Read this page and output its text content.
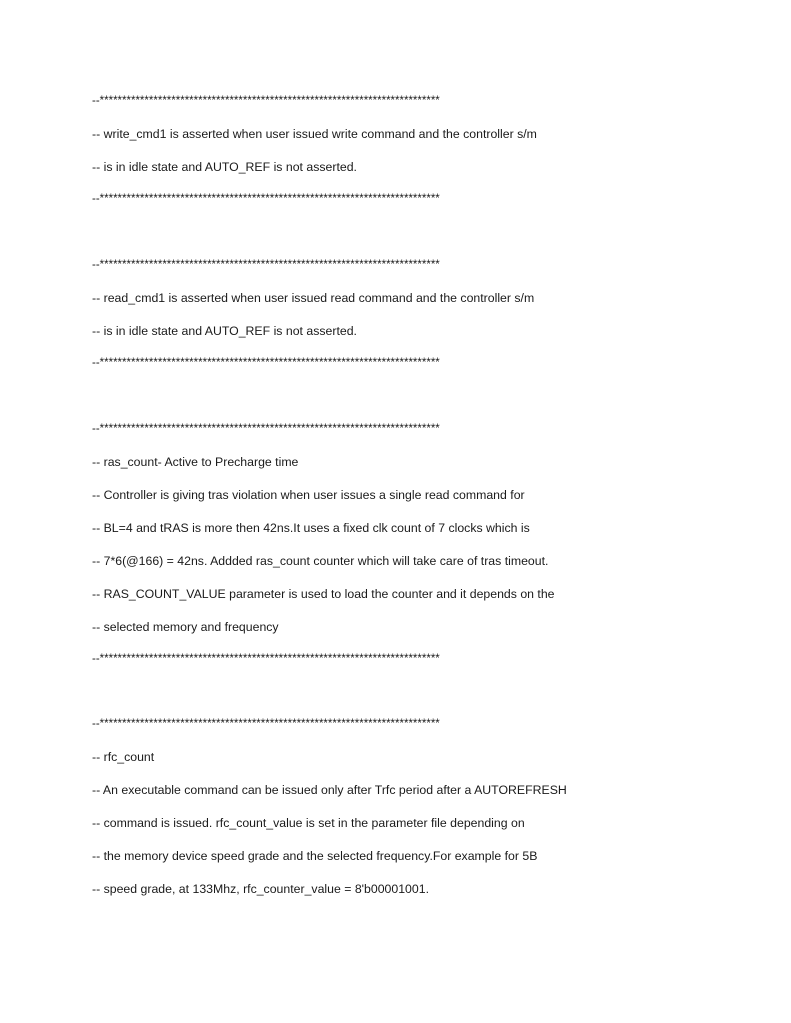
--****************************************************************************
-- write_cmd1 is asserted when user issued write command and the controller s/m
-- is in idle state and AUTO_REF is not asserted.
--****************************************************************************
--****************************************************************************
-- read_cmd1 is asserted when user issued read command and the controller s/m
-- is in idle state and AUTO_REF is not asserted.
--****************************************************************************
--****************************************************************************
-- ras_count- Active to Precharge time
-- Controller is giving tras violation when user issues a single read command for
-- BL=4 and tRAS is more then 42ns.It uses a fixed clk count of 7 clocks which is
-- 7*6(@166) = 42ns. Addded ras_count counter which will take care of tras timeout.
-- RAS_COUNT_VALUE parameter is used to load the counter and it depends on the
-- selected memory and frequency
--****************************************************************************
--****************************************************************************
-- rfc_count
-- An executable command can be issued only after Trfc period after a AUTOREFRESH
-- command is issued. rfc_count_value is set in the parameter file depending on
-- the memory device speed grade and the selected frequency.For example for 5B
-- speed grade, at 133Mhz, rfc_counter_value = 8'b00001001.
